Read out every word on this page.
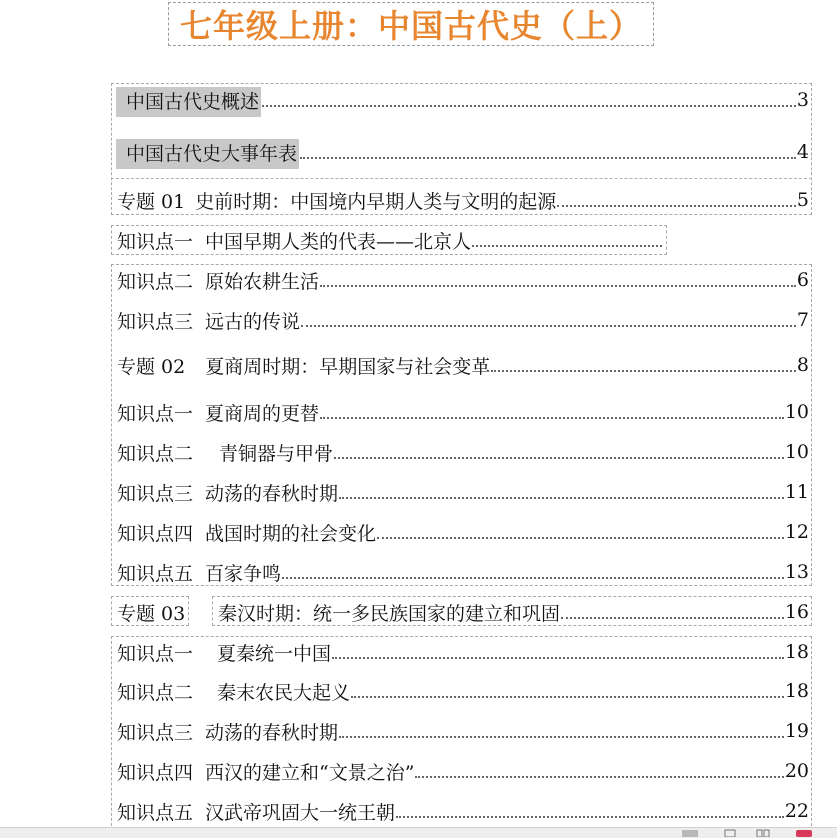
七年级上册：中国古代史（上）
中国古代史概述	3
中国古代史大事年表	4
专题 01 史前时期：中国境内早期人类与文明的起源	5
知识点一 中国早期人类的代表——北京人
知识点二 原始农耕生活	6
知识点三 远古的传说	7
专题 02 夏商周时期：早期国家与社会变革	8
知识点一 夏商周的更替	10
知识点二 青铜器与甲骨	10
知识点三 动荡的春秋时期	11
知识点四 战国时期的社会变化	12
知识点五 百家争鸣	13
专题 03 秦汉时期：统一多民族国家的建立和巩固	16
知识点一 夏秦统一中国	18
知识点二 秦末农民大起义	18
知识点三 动荡的春秋时期	19
知识点四 西汉的建立和“文景之治”	20
知识点五 汉武帝巩固大一统王朝	22
